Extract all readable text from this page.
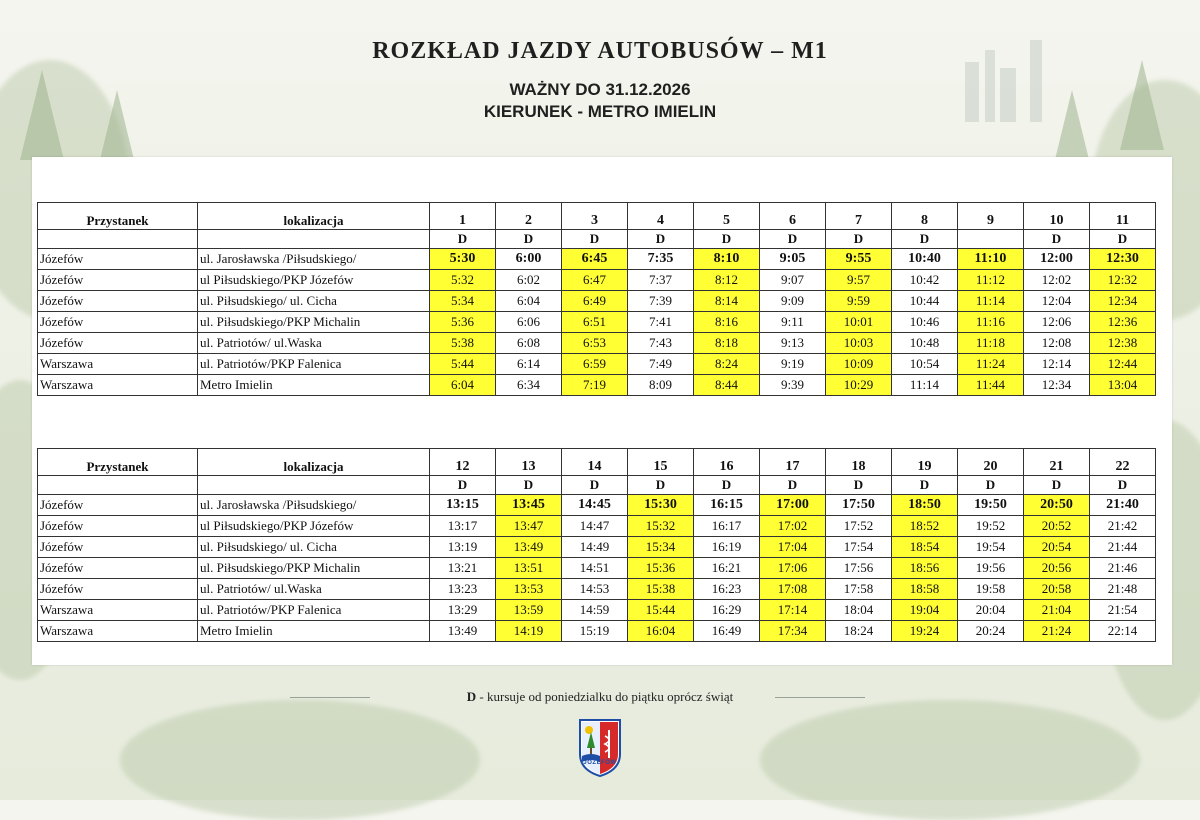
ROZKŁAD JAZDY AUTOBUSÓW – M1
WAŻNY DO 31.12.2026
KIERUNEK - METRO IMIELIN
Przystanek	lokalizacja	1	2	3	4	5	6	7	8	9	10	11
		D	D	D	D	D	D	D	D		D	D
Józefów	ul. Jarosławska /Piłsudskiego/	5:30	6:00	6:45	7:35	8:10	9:05	9:55	10:40	11:10	12:00	12:30
Józefów	ul Piłsudskiego/PKP Józefów	5:32	6:02	6:47	7:37	8:12	9:07	9:57	10:42	11:12	12:02	12:32
Józefów	ul. Piłsudskiego/ ul. Cicha	5:34	6:04	6:49	7:39	8:14	9:09	9:59	10:44	11:14	12:04	12:34
Józefów	ul. Piłsudskiego/PKP Michalin	5:36	6:06	6:51	7:41	8:16	9:11	10:01	10:46	11:16	12:06	12:36
Józefów	ul. Patriotów/ ul.Waska	5:38	6:08	6:53	7:43	8:18	9:13	10:03	10:48	11:18	12:08	12:38
Warszawa	ul. Patriotów/PKP Falenica	5:44	6:14	6:59	7:49	8:24	9:19	10:09	10:54	11:24	12:14	12:44
Warszawa	Metro Imielin	6:04	6:34	7:19	8:09	8:44	9:39	10:29	11:14	11:44	12:34	13:04
Przystanek	lokalizacja	12	13	14	15	16	17	18	19	20	21	22
		D	D	D	D	D	D	D	D	D	D	D
Józefów	ul. Jarosławska /Piłsudskiego/	13:15	13:45	14:45	15:30	16:15	17:00	17:50	18:50	19:50	20:50	21:40
Józefów	ul Piłsudskiego/PKP Józefów	13:17	13:47	14:47	15:32	16:17	17:02	17:52	18:52	19:52	20:52	21:42
Józefów	ul. Piłsudskiego/ ul. Cicha	13:19	13:49	14:49	15:34	16:19	17:04	17:54	18:54	19:54	20:54	21:44
Józefów	ul. Piłsudskiego/PKP Michalin	13:21	13:51	14:51	15:36	16:21	17:06	17:56	18:56	19:56	20:56	21:46
Józefów	ul. Patriotów/ ul.Waska	13:23	13:53	14:53	15:38	16:23	17:08	17:58	18:58	19:58	20:58	21:48
Warszawa	ul. Patriotów/PKP Falenica	13:29	13:59	14:59	15:44	16:29	17:14	18:04	19:04	20:04	21:04	21:54
Warszawa	Metro Imielin	13:49	14:19	15:19	16:04	16:49	17:34	18:24	19:24	20:24	21:24	22:14
D - kursuje od poniedzialku do piątku oprócz świąt
JÓZEFÓW
